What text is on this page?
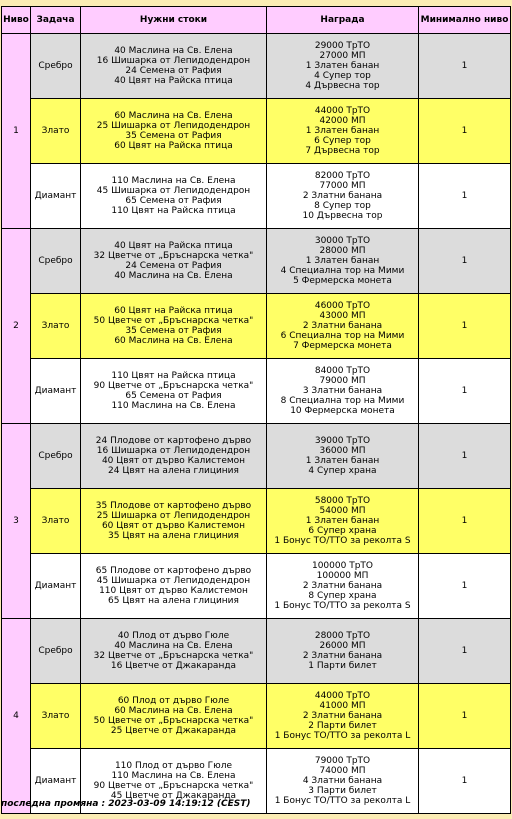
Ниво	Задача	Нужни стоки	Награда	Минимално ниво
1	Сребро	40 Маслина на Св. Елена
16 Шишарка от Лепидодендрон
24 Семена от Рафия
40 Цвят на Райска птица	29000 ТрТО
27000 МП
1 Златен банан
4 Супер тор
4 Дървесна тор	1
	Злато	60 Маслина на Св. Елена
25 Шишарка от Лепидодендрон
35 Семена от Рафия
60 Цвят на Райска птица	44000 ТрТО
42000 МП
1 Златен банан
6 Супер тор
7 Дървесна тор	1
	Диамант	110 Маслина на Св. Елена
45 Шишарка от Лепидодендрон
65 Семена от Рафия
110 Цвят на Райска птица	82000 ТрТО
77000 МП
2 Златни банана
8 Супер тор
10 Дървесна тор	1
2	Сребро	40 Цвят на Райска птица
32 Цветче от „Бръснарска четка"
24 Семена от Рафия
40 Маслина на Св. Елена	30000 ТрТО
28000 МП
1 Златен банан
4 Специална тор на Мими
5 Фермерска монета	1
	Злато	60 Цвят на Райска птица
50 Цветче от „Бръснарска четка"
35 Семена от Рафия
60 Маслина на Св. Елена	46000 ТрТО
43000 МП
2 Златни банана
6 Специална тор на Мими
7 Фермерска монета	1
	Диамант	110 Цвят на Райска птица
90 Цветче от „Бръснарска четка"
65 Семена от Рафия
110 Маслина на Св. Елена	84000 ТрТО
79000 МП
3 Златни банана
8 Специална тор на Мими
10 Фермерска монета	1
3	Сребро	24 Плодове от картофено дърво
16 Шишарка от Лепидодендрон
40 Цвят от дърво Калистемон
24 Цвят на алена глициния	39000 ТрТО
36000 МП
1 Златен банан
4 Супер храна	1
	Злато	35 Плодове от картофено дърво
25 Шишарка от Лепидодендрон
60 Цвят от дърво Калистемон
35 Цвят на алена глициния	58000 ТрТО
54000 МП
1 Златен банан
6 Супер храна
1 Бонус ТО/ТТО за реколта S	1
	Диамант	65 Плодове от картофено дърво
45 Шишарка от Лепидодендрон
110 Цвят от дърво Калистемон
65 Цвят на алена глициния	100000 ТрТО
100000 МП
2 Златни банана
8 Супер храна
1 Бонус ТО/ТТО за реколта S	1
4	Сребро	40 Плод от дърво Гюле
40 Маслина на Св. Елена
32 Цветче от „Бръснарска четка"
16 Цветче от Джакаранда	28000 ТрТО
26000 МП
2 Златни банана
1 Парти билет	1
	Злато	60 Плод от дърво Гюле
60 Маслина на Св. Елена
50 Цветче от „Бръснарска четка"
25 Цветче от Джакаранда	44000 ТрТО
41000 МП
2 Златни банана
2 Парти билет
1 Бонус ТО/ТТО за реколта L	1
	Диамант	110 Плод от дърво Гюле
110 Маслина на Св. Елена
90 Цветче от „Бръснарска четка"
45 Цветче от Джакаранда	79000 ТрТО
74000 МП
4 Златни банана
3 Парти билет
1 Бонус ТО/ТТО за реколта L	1
последна промяна : 2023-03-09 14:19:12 (CEST)
